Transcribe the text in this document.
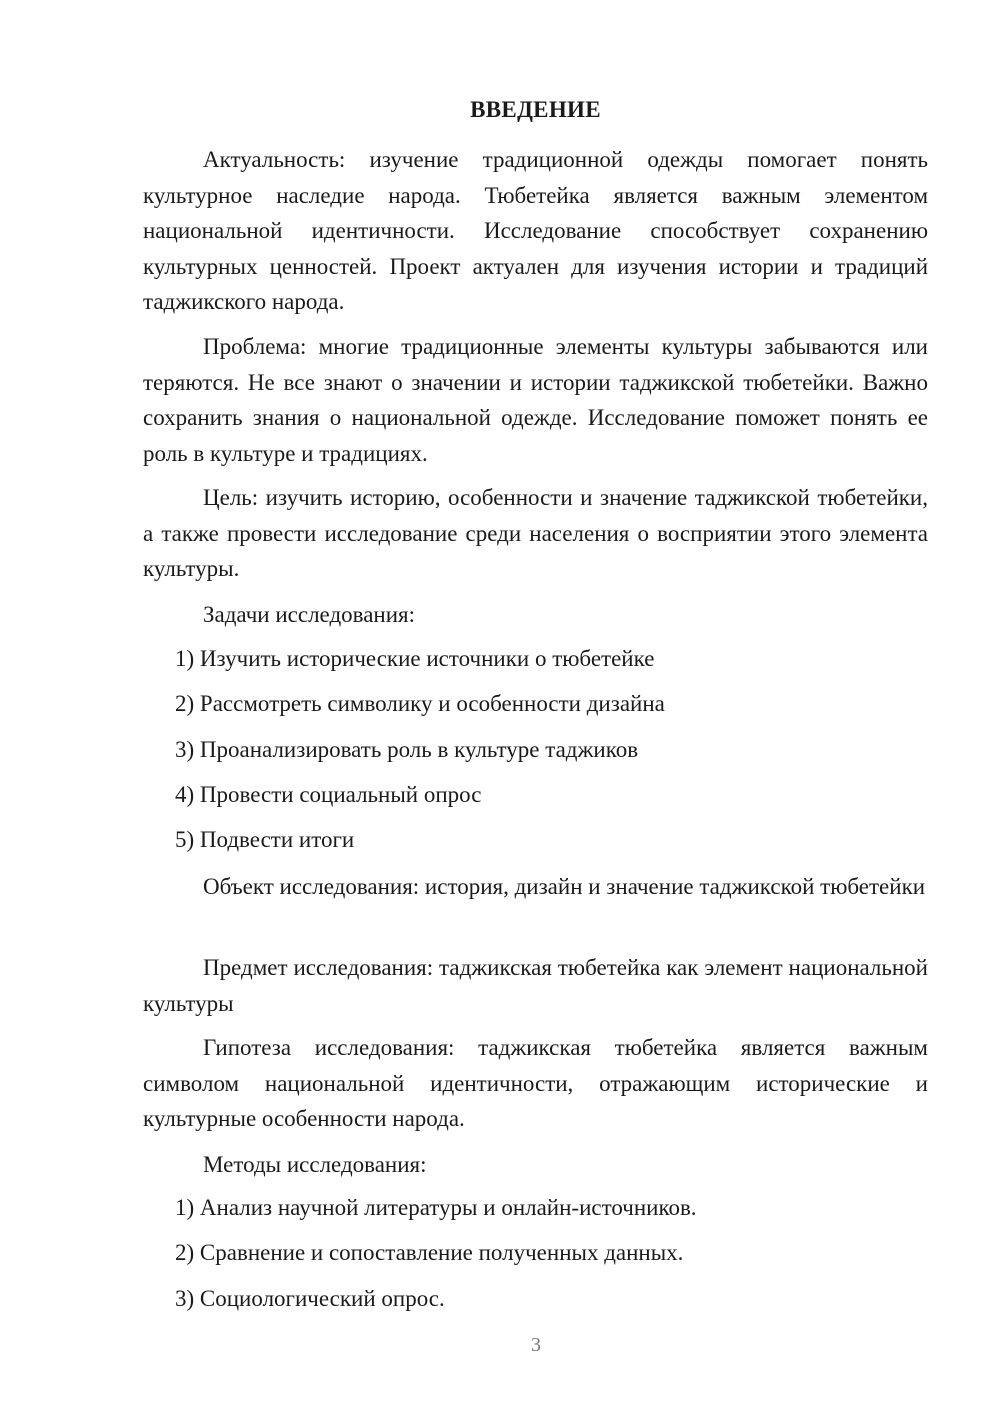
ВВЕДЕНИЕ

Актуальность: изучение традиционной одежды помогает понять культурное наследие народа. Тюбетейка является важным элементом национальной идентичности. Исследование способствует сохранению культурных ценностей. Проект актуален для изучения истории и традиций таджикского народа.

Проблема: многие традиционные элементы культуры забываются или теряются. Не все знают о значении и истории таджикской тюбетейки. Важно сохранить знания о национальной одежде. Исследование поможет понять ее роль в культуре и традициях.

Цель: изучить историю, особенности и значение таджикской тюбетейки, а также провести исследование среди населения о восприятии этого элемента культуры.

Задачи исследования:

1) Изучить исторические источники о тюбетейке

2) Рассмотреть символику и особенности дизайна

3) Проанализировать роль в культуре таджиков

4) Провести социальный опрос

5) Подвести итоги

Объект исследования: история, дизайн и значение таджикской тюбетейки

Предмет исследования: таджикская тюбетейка как элемент национальной культуры

Гипотеза исследования: таджикская тюбетейка является важным символом национальной идентичности, отражающим исторические и культурные особенности народа.

Методы исследования:

1) Анализ научной литературы и онлайн-источников.

2) Сравнение и сопоставление полученных данных.

3) Социологический опрос.

3
